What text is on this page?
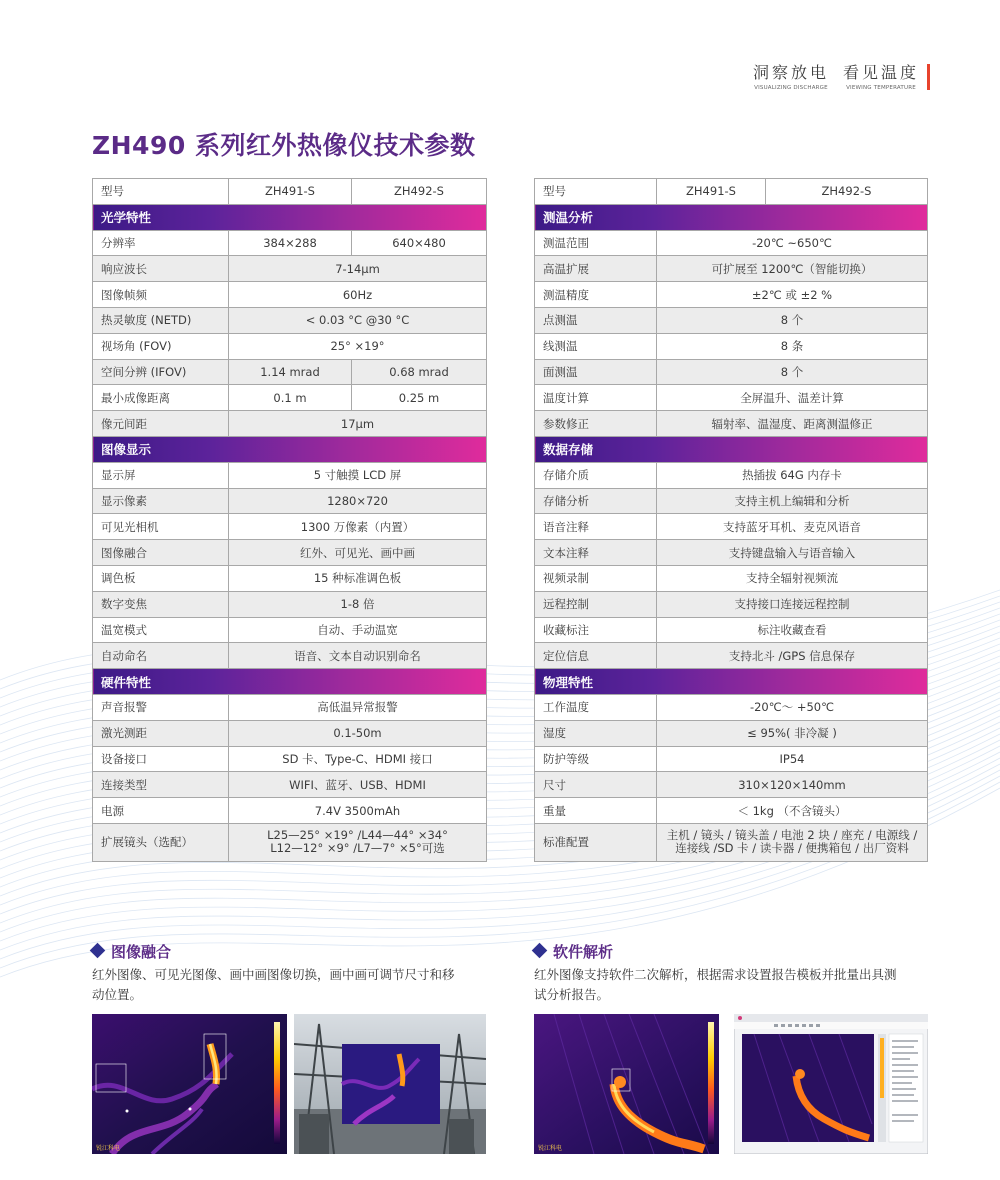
洞察放电
VISUALIZING DISCHARGE
看见温度
VIEWING TEMPERATURE
ZH490 系列红外热像仪技术参数
型号	ZH491-S	ZH492-S
光学特性		
分辨率	384×288	640×480
响应波长	7-14μm	
图像帧频	60Hz	
热灵敏度 (NETD)	< 0.03 °C @30 °C	
视场角 (FOV)	25° ×19°	
空间分辨 (IFOV)	1.14 mrad	0.68 mrad
最小成像距离	0.1 m	0.25 m
像元间距	17μm	
图像显示		
显示屏	5 寸触摸 LCD 屏	
显示像素	1280×720	
可见光相机	1300 万像素（内置）	
图像融合	红外、可见光、画中画	
调色板	15 种标准调色板	
数字变焦	1-8 倍	
温宽模式	自动、手动温宽	
自动命名	语音、文本自动识别命名	
硬件特性		
声音报警	高低温异常报警	
激光测距	0.1-50m	
设备接口	SD 卡、Type-C、HDMI 接口	
连接类型	WIFI、蓝牙、USB、HDMI	
电源	7.4V 3500mAh	
扩展镜头（选配）	L25—25° ×19° /L44—44° ×34°
L12—12° ×9° /L7—7° ×5°可选	
型号	ZH491-S	ZH492-S
测温分析		
测温范围	-20℃ ~650℃	
高温扩展	可扩展至 1200℃（智能切换）	
测温精度	±2℃ 或 ±2 %	
点测温	8 个	
线测温	8 条	
面测温	8 个	
温度计算	全屏温升、温差计算	
参数修正	辐射率、温湿度、距离测温修正	
数据存储		
存储介质	热插拔 64G 内存卡	
存储分析	支持主机上编辑和分析	
语音注释	支持蓝牙耳机、麦克风语音	
文本注释	支持键盘输入与语音输入	
视频录制	支持全辐射视频流	
远程控制	支持接口连接远程控制	
收藏标注	标注收藏查看	
定位信息	支持北斗 /GPS 信息保存	
物理特性		
工作温度	-20℃～ +50℃	
湿度	≤ 95%( 非冷凝 )	
防护等级	IP54	
尺寸	310×120×140mm	
重量	＜ 1kg （不含镜头）	
标准配置	主机 / 镜头 / 镜头盖 / 电池 2 块 / 座充 / 电源线 /
连接线 /SD 卡 / 读卡器 / 便携箱包 / 出厂资料	
图像融合
红外图像、可见光图像、画中画图像切换，画中画可调节尺寸和移
动位置。
软件解析
红外图像支持软件二次解析，根据需求设置报告模板并批量出具测
试分析报告。
锐江科电	锐江科电
